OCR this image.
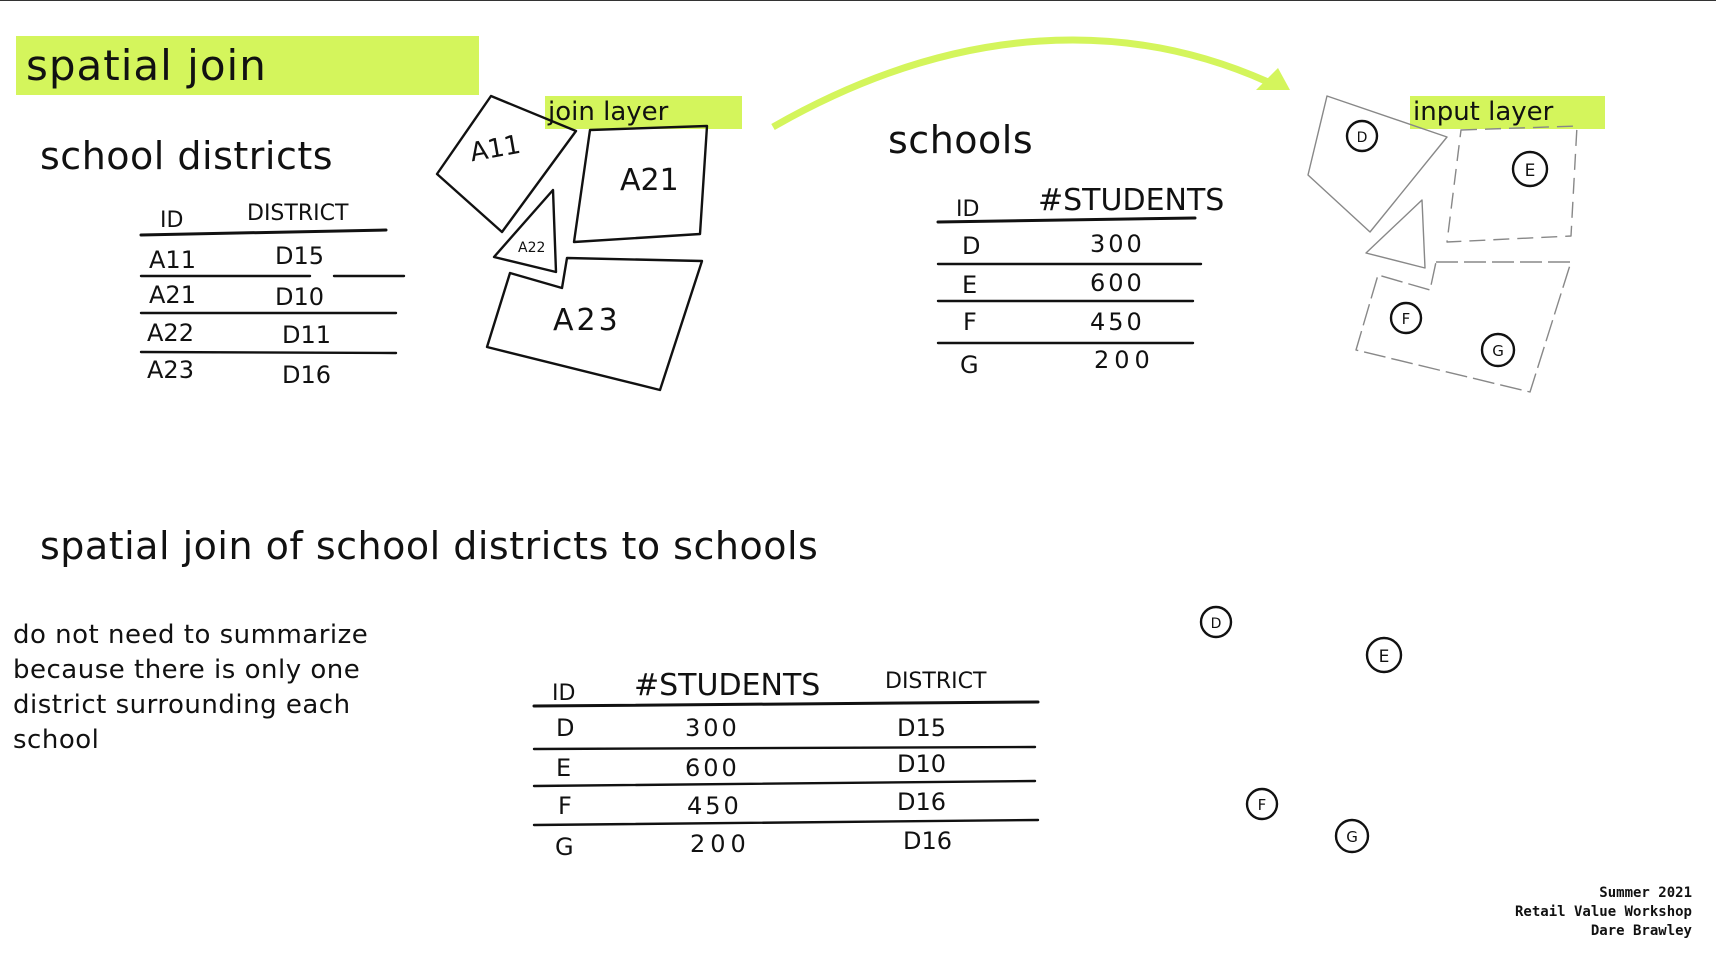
spatial join
school districts	schools
spatial join of school districts to schools
join layer	input layer
do not need to summarize
because there is only one
district surrounding each
school
Summer 2021
Retail Value Workshop
Dare Brawley
ID	DISTRICT
A11	D15
A21	D10
A22	D11
A23	D16
A11
A21
A22
A23
ID #STUDENTS
D	300
E	600
F	450
G	200
D
E
F
G
ID #STUDENTS	DISTRICT
D	300	D15
E	600	D10
F	450	D16
G	200	D16
D
E
F
G
